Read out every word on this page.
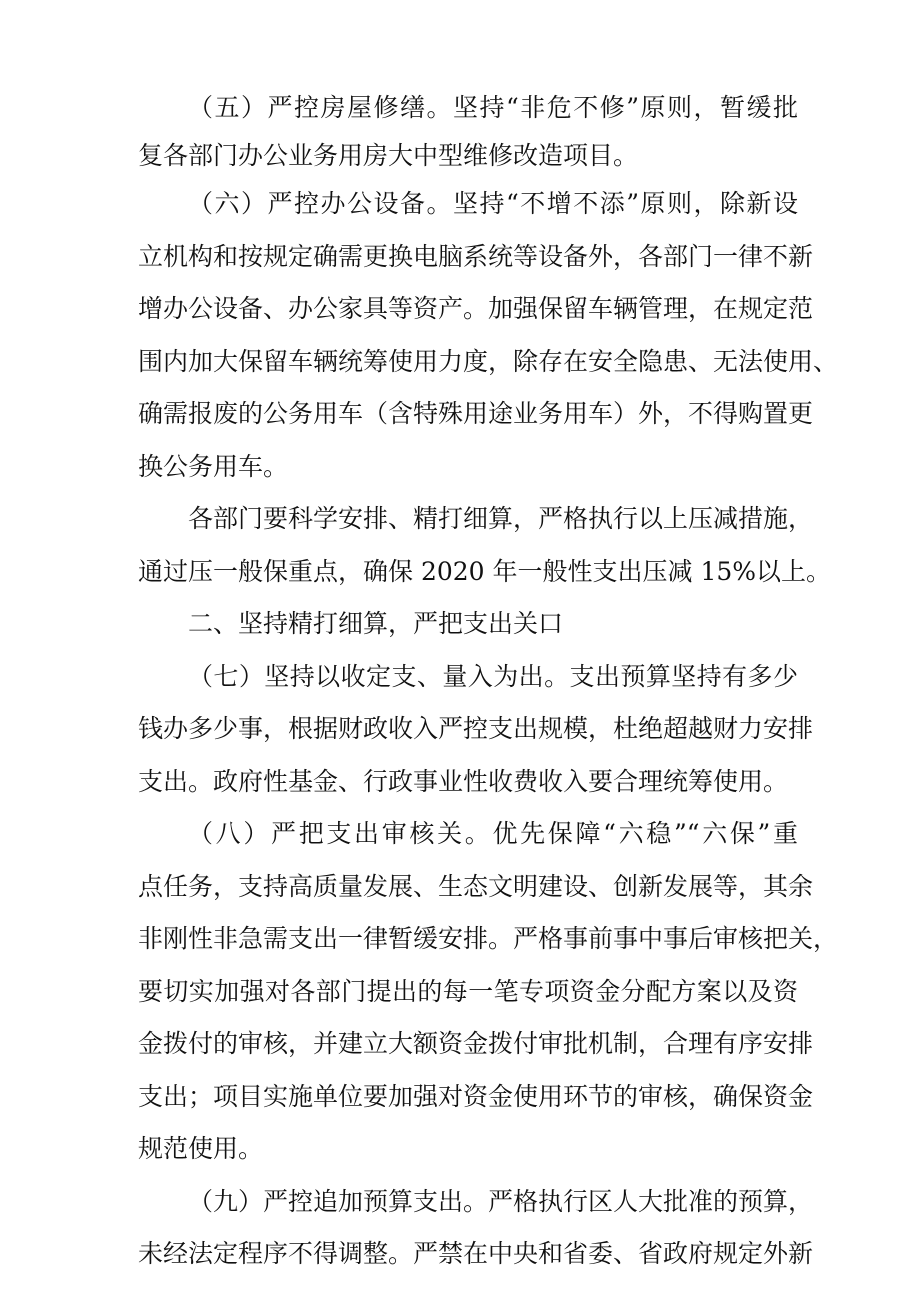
（五）严控房屋修缮。坚持“非危不修”原则，暂缓批
复各部门办公业务用房大中型维修改造项目。
（六）严控办公设备。坚持“不增不添”原则，除新设
立机构和按规定确需更换电脑系统等设备外，各部门一律不新
增办公设备、办公家具等资产。加强保留车辆管理，在规定范
围内加大保留车辆统筹使用力度，除存在安全隐患、无法使用、
确需报废的公务用车（含特殊用途业务用车）外，不得购置更
换公务用车。
各部门要科学安排、精打细算，严格执行以上压减措施，
通过压一般保重点，确保 2020 年一般性支出压减 15%以上。
二、坚持精打细算，严把支出关口
（七）坚持以收定支、量入为出。支出预算坚持有多少
钱办多少事，根据财政收入严控支出规模，杜绝超越财力安排
支出。政府性基金、行政事业性收费收入要合理统筹使用。
（八）严把支出审核关。优先保障“六稳”“六保”重
点任务，支持高质量发展、生态文明建设、创新发展等，其余
非刚性非急需支出一律暂缓安排。严格事前事中事后审核把关，
要切实加强对各部门提出的每一笔专项资金分配方案以及资
金拨付的审核，并建立大额资金拨付审批机制，合理有序安排
支出；项目实施单位要加强对资金使用环节的审核，确保资金
规范使用。
（九）严控追加预算支出。严格执行区人大批准的预算，
未经法定程序不得调整。严禁在中央和省委、省政府规定外新
